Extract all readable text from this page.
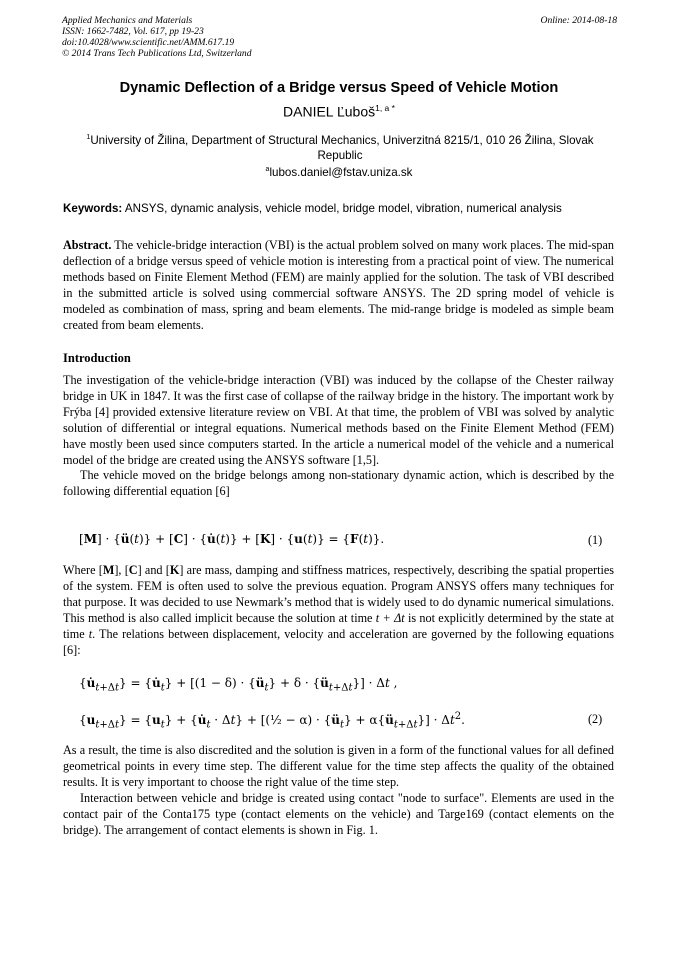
Applied Mechanics and Materials
ISSN: 1662-7482, Vol. 617, pp 19-23
doi:10.4028/www.scientific.net/AMM.617.19
© 2014 Trans Tech Publications Ltd, Switzerland
Online: 2014-08-18
Dynamic Deflection of a Bridge versus Speed of Vehicle Motion
DANIEL Ľuboš$^{1, a *}$
$^1$University of Žilina, Department of Structural Mechanics, Univerzitná 8215/1, 010 26 Žilina, Slovak Republic
$^a$lubos.daniel@fstav.uniza.sk
Keywords: ANSYS, dynamic analysis, vehicle model, bridge model, vibration, numerical analysis
Abstract. The vehicle-bridge interaction (VBI) is the actual problem solved on many work places. The mid-span deflection of a bridge versus speed of vehicle motion is interesting from a practical point of view. The numerical methods based on Finite Element Method (FEM) are mainly applied for the solution. The task of VBI described in the submitted article is solved using commercial software ANSYS. The 2D spring model of vehicle is modeled as combination of mass, spring and beam elements. The mid-range bridge is modeled as simple beam created from beam elements.
Introduction
The investigation of the vehicle-bridge interaction (VBI) was induced by the collapse of the Chester railway bridge in UK in 1847. It was the first case of collapse of the railway bridge in the history. The important work by Frýba [4] provided extensive literature review on VBI. At that time, the problem of VBI was solved by analytic solution of differential or integral equations. Numerical methods based on the Finite Element Method (FEM) have mostly been used since computers started. In the article a numerical model of the vehicle and a numerical model of the bridge are created using the ANSYS software [1,5].
The vehicle moved on the bridge belongs among non-stationary dynamic action, which is described by the following differential equation [6]
[M] · {ü(t)} + [C] · {u̇(t)} + [K] · {u(t)} = {F(t)}.	(1)
Where [M], [C] and [K] are mass, damping and stiffness matrices, respectively, describing the spatial properties of the system. FEM is often used to solve the previous equation. Program ANSYS offers many techniques for that purpose. It was decided to use Newmark’s method that is widely used to do dynamic numerical simulations. This method is also called implicit because the solution at time t + Δt is not explicitly determined by the state at time t. The relations between displacement, velocity and acceleration are governed by the following equations [6]:
$\{u̇_{t+\Delta t}\}$ = $\{u̇_t\} + [(1 - \delta)$ · $\{ü_t\} + \delta$ · $\{ü_{t+\Delta t}\}] \cdot \Delta t$ ,
$\{u_{t+\Delta t}\} = \{u_t\}$ + $\{u̇_t \cdot \Delta t\}$ + [(½ − $\alpha) \cdot \{ü_t\}$ + $\alpha\{ü_{t+\Delta t}\}] \cdot \Delta t^2$.	(2)
As a result, the time is also discredited and the solution is given in a form of the functional values for all defined geometrical points in every time step. The different value for the time step affects the quality of the obtained results. It is very important to choose the right value of the time step.
Interaction between vehicle and bridge is created using contact "node to surface". Elements are used in the contact pair of the Conta175 type (contact elements on the vehicle) and Targe169 (contact elements on the bridge). The arrangement of contact elements is shown in Fig. 1.
